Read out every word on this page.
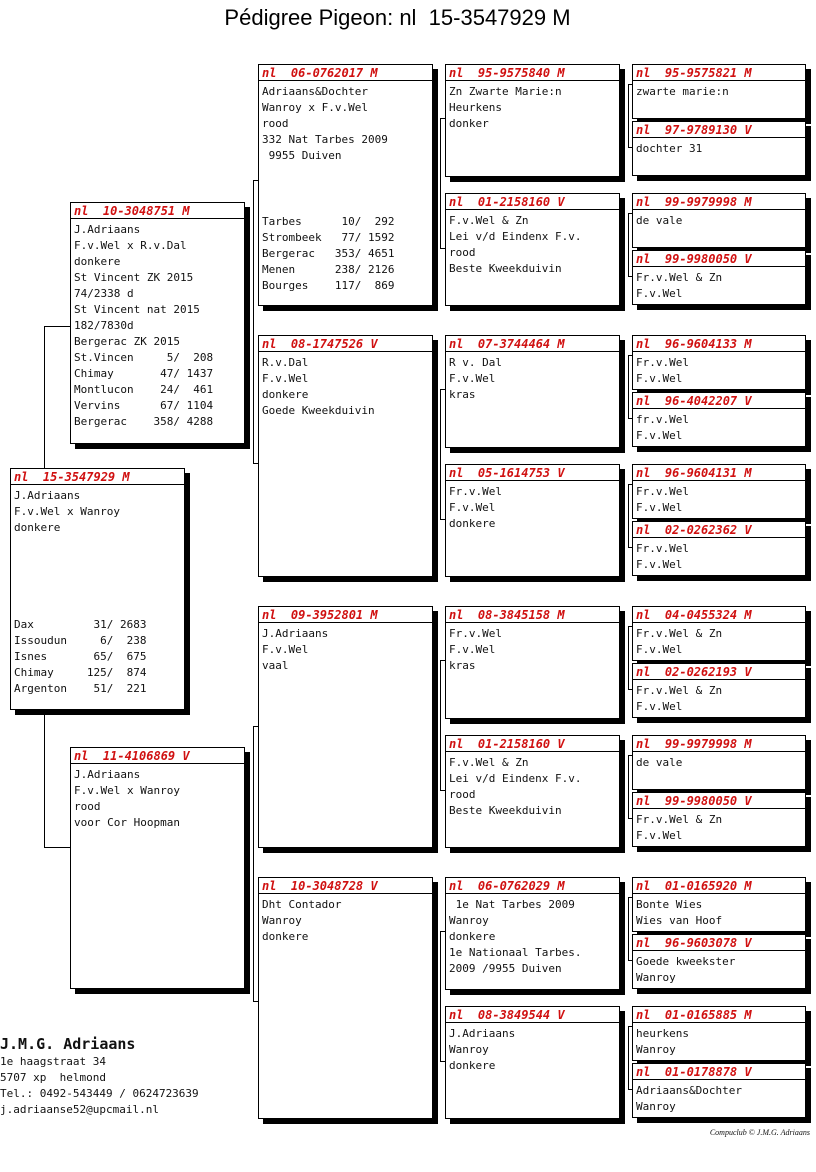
Pédigree Pigeon: nl  15-3547929 M
nl  15-3547929 M
J.Adriaans
F.v.Wel x Wanroy
donkere
Dax         31/ 2683
Issoudun     6/  238
Isnes       65/  675
Chimay     125/  874
Argenton    51/  221
nl  10-3048751 M
J.Adriaans
F.v.Wel x R.v.Dal
donkere
St Vincent ZK 2015
74/2338 d
St Vincent nat 2015
182/7830d
Bergerac ZK 2015
St.Vincen     5/  208
Chimay       47/ 1437
Montlucon    24/  461
Vervins      67/ 1104
Bergerac    358/ 4288
nl  11-4106869 V
J.Adriaans
F.v.Wel x Wanroy
rood
voor Cor Hoopman
nl  06-0762017 M
Adriaans&Dochter
Wanroy x F.v.Wel
rood
332 Nat Tarbes 2009
9955 Duiven
Tarbes      10/  292
Strombeek   77/ 1592
Bergerac   353/ 4651
Menen      238/ 2126
Bourges    117/  869
nl  08-1747526 V
R.v.Dal
F.v.Wel
donkere
Goede Kweekduivin
nl  09-3952801 M
J.Adriaans
F.v.Wel
vaal
nl  10-3048728 V
Dht Contador
Wanroy
donkere
nl  95-9575840 M
Zn Zwarte Marie:n
Heurkens
donker
nl  01-2158160 V
F.v.Wel & Zn
Lei v/d Eindenx F.v.
rood
Beste Kweekduivin
nl  07-3744464 M
R v. Dal
F.v.Wel
kras
nl  05-1614753 V
Fr.v.Wel
F.v.Wel
donkere
nl  08-3845158 M
Fr.v.Wel
F.v.Wel
kras
nl  01-2158160 V
F.v.Wel & Zn
Lei v/d Eindenx F.v.
rood
Beste Kweekduivin
nl  06-0762029 M
1e Nat Tarbes 2009
Wanroy
donkere
1e Nationaal Tarbes.
2009 /9955 Duiven
nl  08-3849544 V
J.Adriaans
Wanroy
donkere
nl  95-9575821 M
zwarte marie:n
nl  97-9789130 V
dochter 31
nl  99-9979998 M
de vale
nl  99-9980050 V
Fr.v.Wel & Zn
F.v.Wel
nl  96-9604133 M
Fr.v.Wel
F.v.Wel
nl  96-4042207 V
fr.v.Wel
F.v.Wel
nl  96-9604131 M
Fr.v.Wel
F.v.Wel
nl  02-0262362 V
Fr.v.Wel
F.v.Wel
nl  04-0455324 M
Fr.v.Wel & Zn
F.v.Wel
nl  02-0262193 V
Fr.v.Wel & Zn
F.v.Wel
nl  99-9979998 M
de vale
nl  99-9980050 V
Fr.v.Wel & Zn
F.v.Wel
nl  01-0165920 M
Bonte Wies
Wies van Hoof
nl  96-9603078 V
Goede kweekster
Wanroy
nl  01-0165885 M
heurkens
Wanroy
nl  01-0178878 V
Adriaans&Dochter
Wanroy
J.M.G. Adriaans
1e haagstraat 34
5707 xp  helmond
Tel.: 0492-543449 / 0624723639
j.adriaanse52@upcmail.nl
Compuclub © J.M.G. Adriaans
